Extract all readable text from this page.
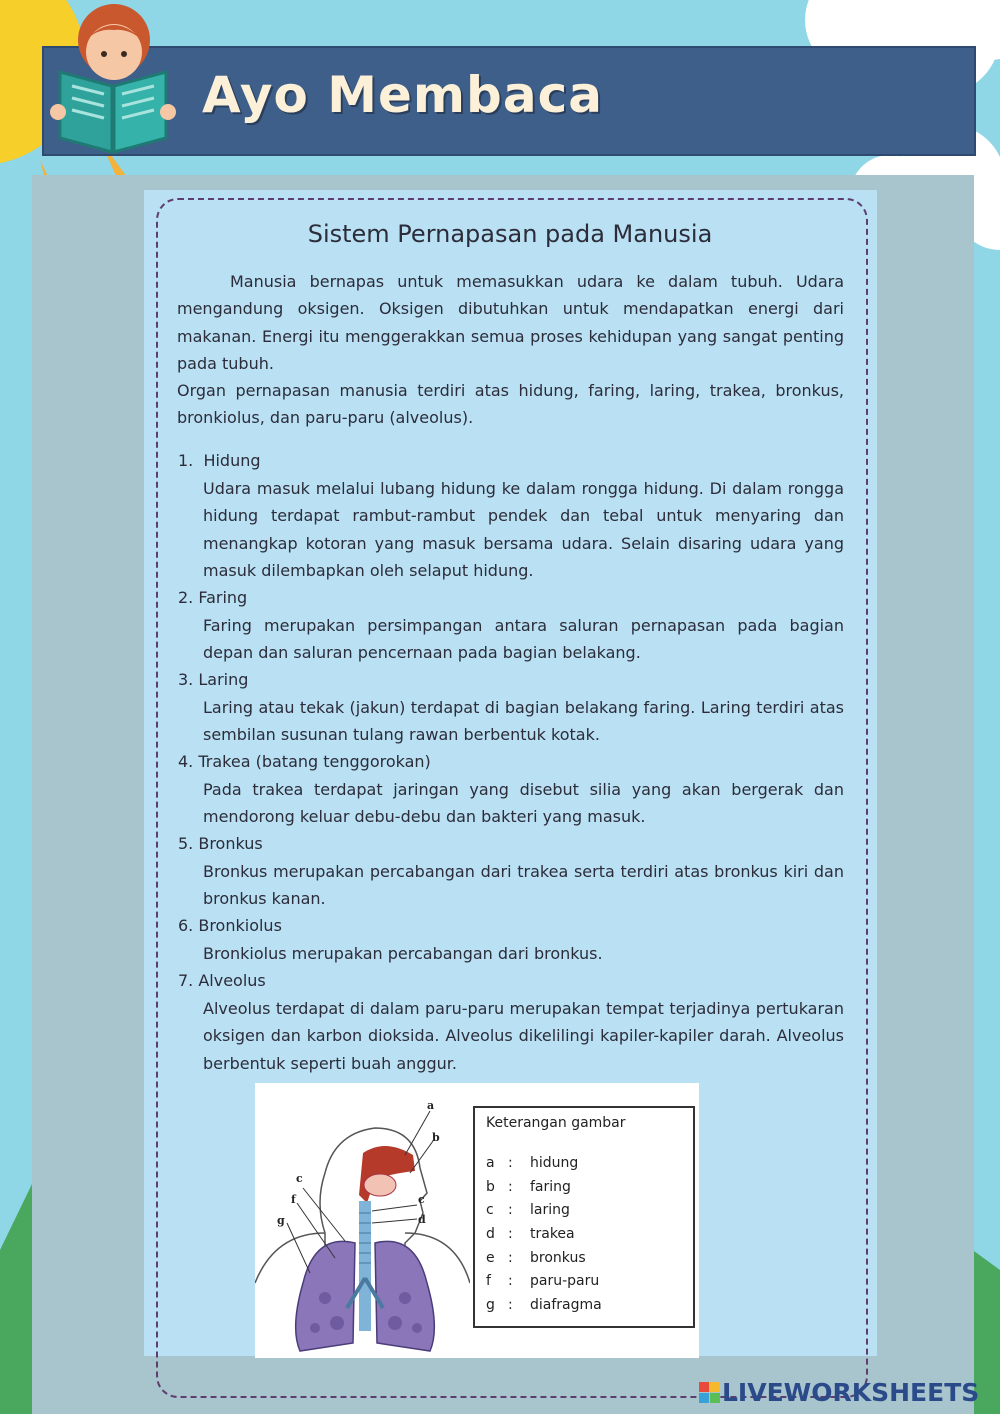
Ayo Membaca
Sistem Pernapasan pada Manusia
Manusia bernapas untuk memasukkan udara ke dalam tubuh. Udara mengandung oksigen. Oksigen dibutuhkan untuk mendapatkan energi dari makanan. Energi itu menggerakkan semua proses kehidupan yang sangat penting pada tubuh.
Organ pernapasan manusia terdiri atas hidung, faring, laring, trakea, bronkus, bronkiolus, dan paru-paru (alveolus).
1.  Hidung
Udara masuk melalui lubang hidung ke dalam rongga hidung. Di dalam rongga hidung terdapat rambut-rambut pendek dan tebal untuk menyaring dan menangkap kotoran yang masuk bersama udara. Selain disaring udara yang masuk dilembapkan oleh selaput hidung.
2. Faring
Faring merupakan persimpangan antara saluran pernapasan pada bagian depan dan saluran pencernaan pada bagian belakang.
3. Laring
Laring atau tekak (jakun) terdapat di bagian belakang faring. Laring terdiri atas sembilan susunan tulang rawan berbentuk kotak.
4. Trakea (batang tenggorokan)
Pada trakea terdapat jaringan yang disebut silia yang akan bergerak dan mendorong keluar debu-debu dan bakteri yang masuk.
5. Bronkus
Bronkus merupakan percabangan dari trakea serta terdiri atas bronkus kiri dan bronkus kanan.
6. Bronkiolus
Bronkiolus merupakan percabangan dari bronkus.
7. Alveolus
Alveolus terdapat di dalam paru-paru merupakan tempat terjadinya pertukaran oksigen dan karbon dioksida. Alveolus dikelilingi kapiler-kapiler darah. Alveolus berbentuk seperti buah anggur.
a
b
c
c
d
f
g
Keterangan gambar
a : hidung
b : faring
c : laring
d : trakea
e : bronkus
f : paru-paru
g : diafragma
LIVEWORKSHEETS
